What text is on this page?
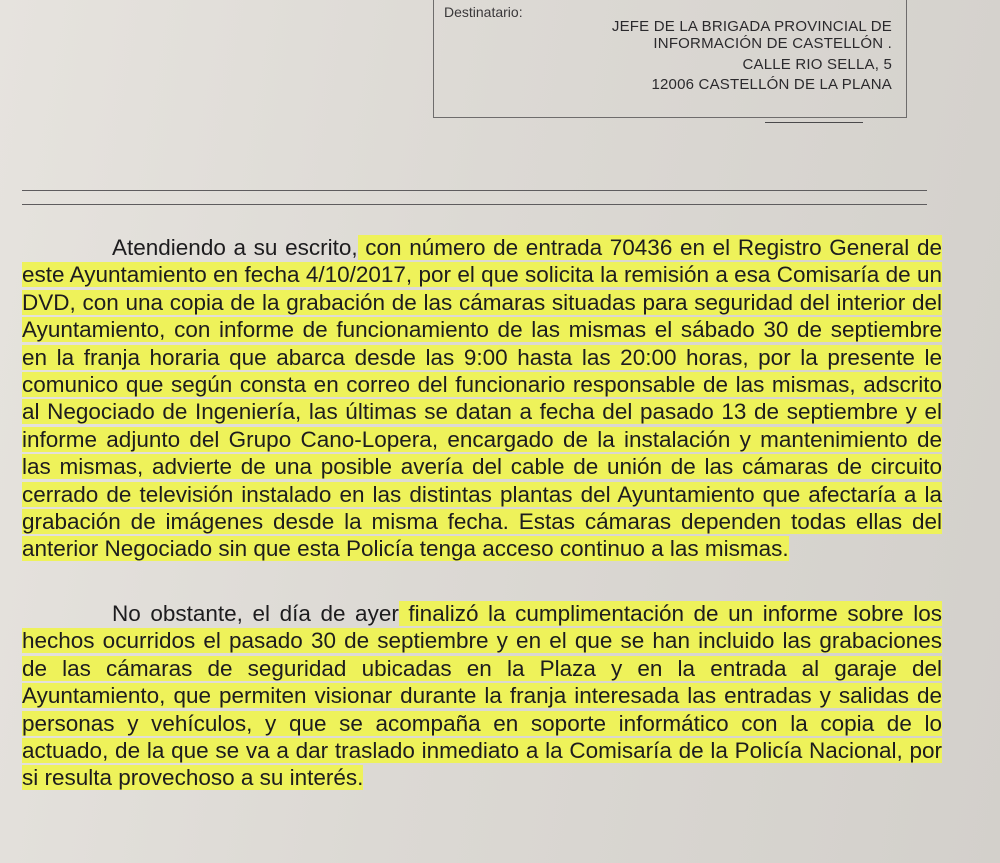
Destinatario:
JEFE DE LA BRIGADA PROVINCIAL DE
INFORMACIÓN DE CASTELLÓN .
CALLE RIO SELLA, 5
12006 CASTELLÓN DE LA PLANA

Atendiendo a su escrito, con número de entrada 70436 en el Registro General de este Ayuntamiento en fecha 4/10/2017, por el que solicita la remisión a esa Comisaría de un DVD, con una copia de la grabación de las cámaras situadas para seguridad del interior del Ayuntamiento, con informe de funcionamiento de las mismas el sábado 30 de septiembre en la franja horaria que abarca desde las 9:00 hasta las 20:00 horas, por la presente le comunico que según consta en correo del funcionario responsable de las mismas, adscrito al Negociado de Ingeniería, las últimas se datan a fecha del pasado 13 de septiembre y el informe adjunto del Grupo Cano-Lopera, encargado de la instalación y mantenimiento de las mismas, advierte de una posible avería del cable de unión de las cámaras de circuito cerrado de televisión instalado en las distintas plantas del Ayuntamiento que afectaría a la grabación de imágenes desde la misma fecha. Estas cámaras dependen todas ellas del anterior Negociado sin que esta Policía tenga acceso continuo a las mismas.

No obstante, el día de ayer finalizó la cumplimentación de un informe sobre los hechos ocurridos el pasado 30 de septiembre y en el que se han incluido las grabaciones de las cámaras de seguridad ubicadas en la Plaza y en la entrada al garaje del Ayuntamiento, que permiten visionar durante la franja interesada las entradas y salidas de personas y vehículos, y que se acompaña en soporte informático con la copia de lo actuado, de la que se va a dar traslado inmediato a la Comisaría de la Policía Nacional, por si resulta provechoso a su interés.
